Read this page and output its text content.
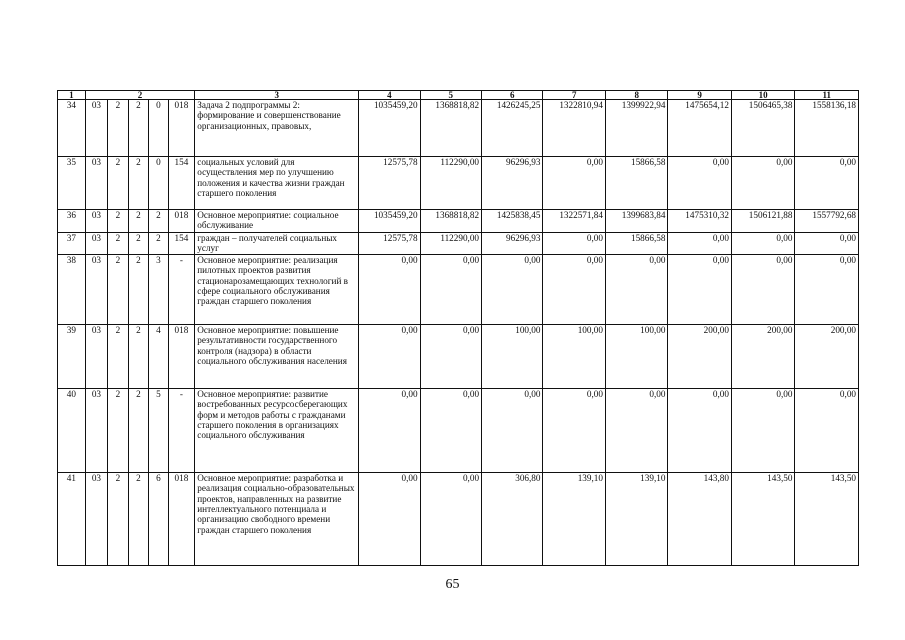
1	2					3	4	5	6	7	8	9	10	11
34	03	2	2	0	018	Задача 2 подпрограммы 2: формирование и совершенствование организационных, правовых,	1035459,20	1368818,82	1426245,25	1322810,94	1399922,94	1475654,12	1506465,38	1558136,18
35	03	2	2	0	154	социальных условий для осуществления мер по улучшению положения и качества жизни граждан старшего поколения	12575,78	112290,00	96296,93	0,00	15866,58	0,00	0,00	0,00
36	03	2	2	2	018	Основное мероприятие: социальное обслуживание	1035459,20	1368818,82	1425838,45	1322571,84	1399683,84	1475310,32	1506121,88	1557792,68
37	03	2	2	2	154	граждан – получателей социальных услуг	12575,78	112290,00	96296,93	0,00	15866,58	0,00	0,00	0,00
38	03	2	2	3	-	Основное мероприятие: реализация пилотных проектов развития стационарозамещающих технологий в сфере социального обслуживания граждан старшего поколения	0,00	0,00	0,00	0,00	0,00	0,00	0,00	0,00
39	03	2	2	4	018	Основное мероприятие: повышение результативности государственного контроля (надзора) в области социального обслуживания населения	0,00	0,00	100,00	100,00	100,00	200,00	200,00	200,00
40	03	2	2	5	-	Основное мероприятие: развитие востребованных ресурсосберегающих форм и методов работы с гражданами старшего поколения в организациях социального обслуживания	0,00	0,00	0,00	0,00	0,00	0,00	0,00	0,00
41	03	2	2	6	018	Основное мероприятие: разработка и реализация социально-образовательных проектов, направленных на развитие интеллектуального потенциала и организацию свободного времени граждан старшего поколения	0,00	0,00	306,80	139,10	139,10	143,80	143,50	143,50
65
